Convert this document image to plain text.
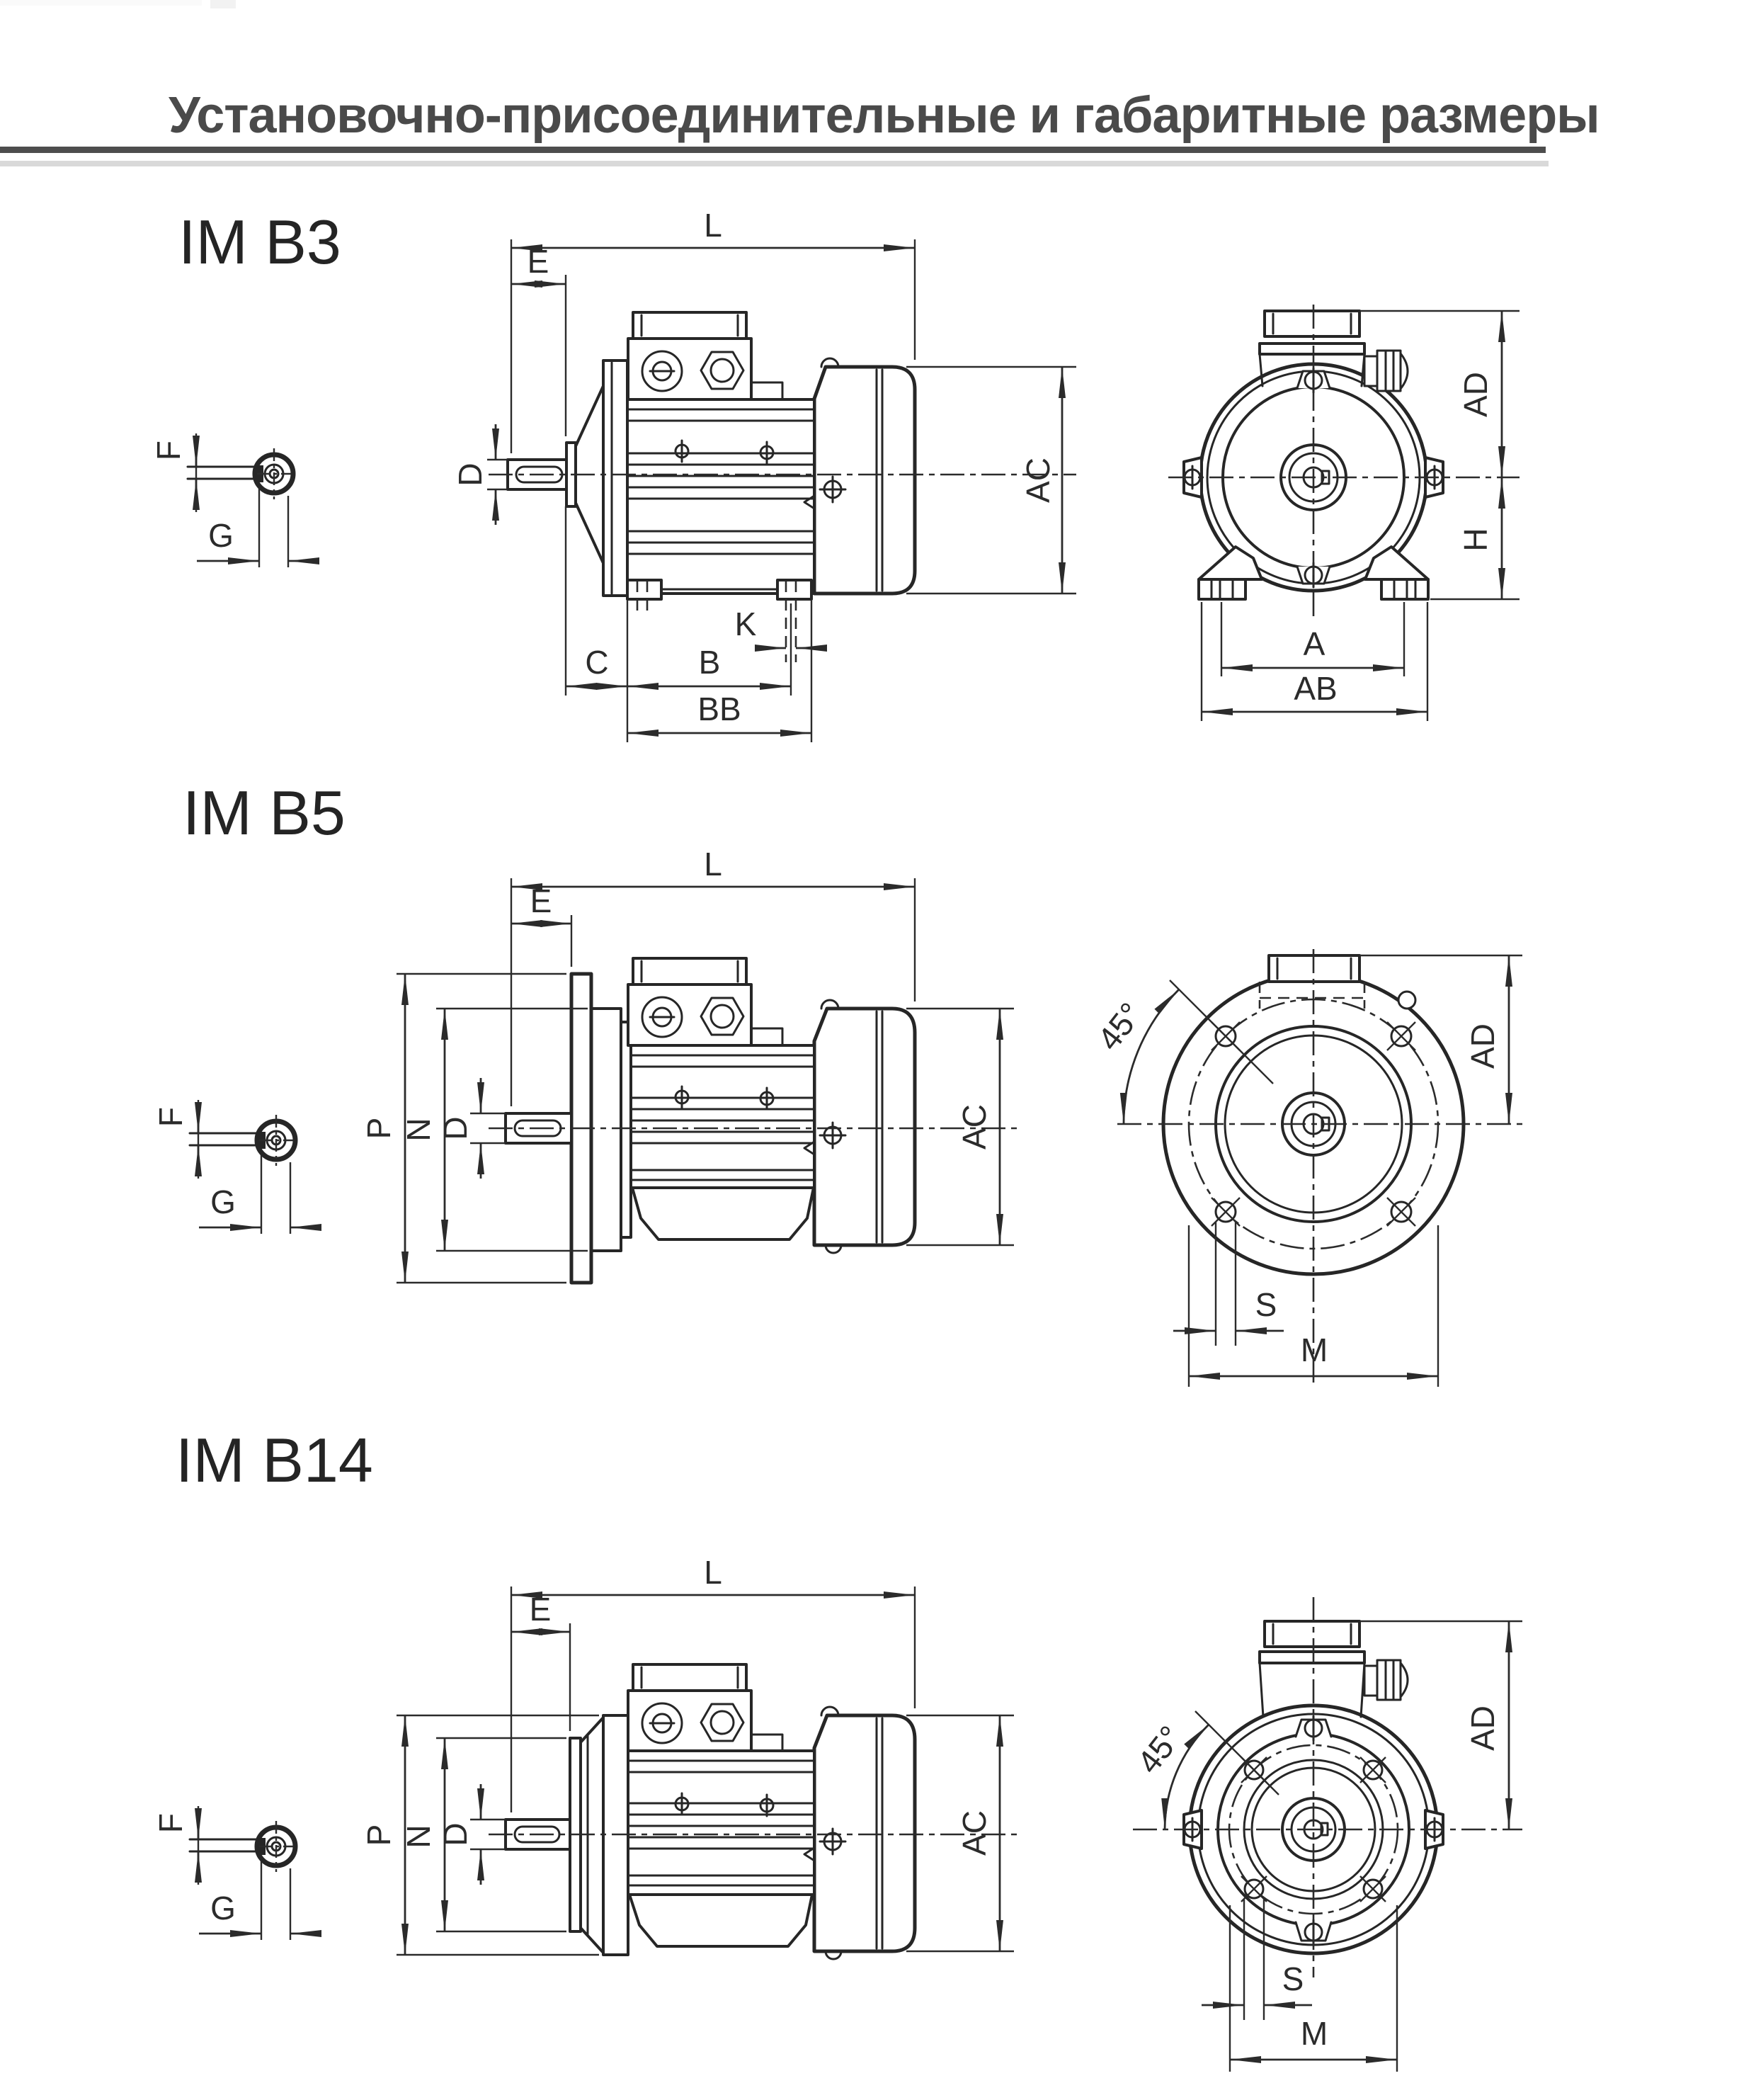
Установочно-присоединительные и габаритные размеры
IM B3
F
G
L
E
D	AC
K
C	B
BB
AD
H
A
AB
IM B5
F
G
L
E
P N D	AC
45°	AD
S
M
IM B14
F
G
L
E
P N D	AC
45°	AD
S
M
